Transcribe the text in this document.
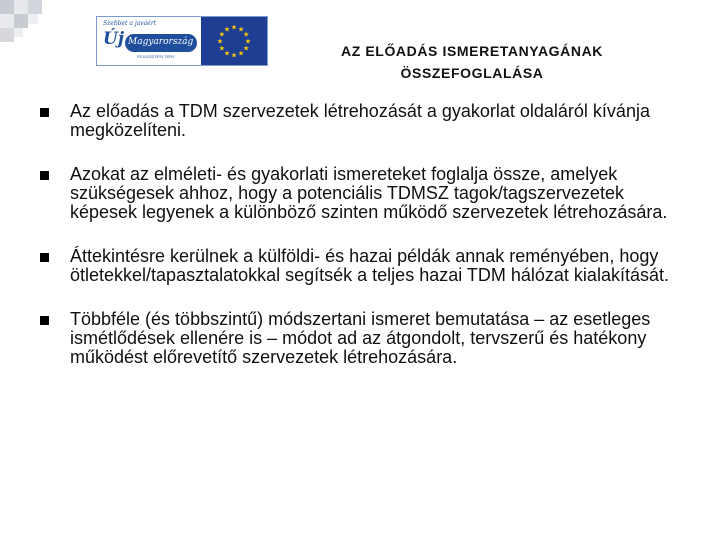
Szebbet a javáért
Új Magyarország
FEJLESZTÉSI TERV
★ ★
★
★
★
★
★
★
★
★
★
★
AZ ELŐADÁS ISMERETANYAGÁNAK
ÖSSZEFOGLALÁSA
Az előadás a TDM szervezetek létrehozását a gyakorlat oldaláról kívánja megközelíteni.
Azokat az elméleti- és gyakorlati ismereteket foglalja össze, amelyek szükségesek ahhoz, hogy a potenciális TDMSZ tagok/tagszervezetek képesek legyenek a különböző szinten működő szervezetek létrehozására.
Áttekintésre kerülnek a külföldi- és hazai példák annak reményében, hogy ötletekkel/tapasztalatokkal segítsék a teljes hazai TDM hálózat kialakítását.
Többféle (és többszintű) módszertani ismeret bemutatása – az esetleges ismétlődések ellenére is – módot ad az átgondolt, tervszerű és hatékony működést előrevetítő szervezetek létrehozására.
